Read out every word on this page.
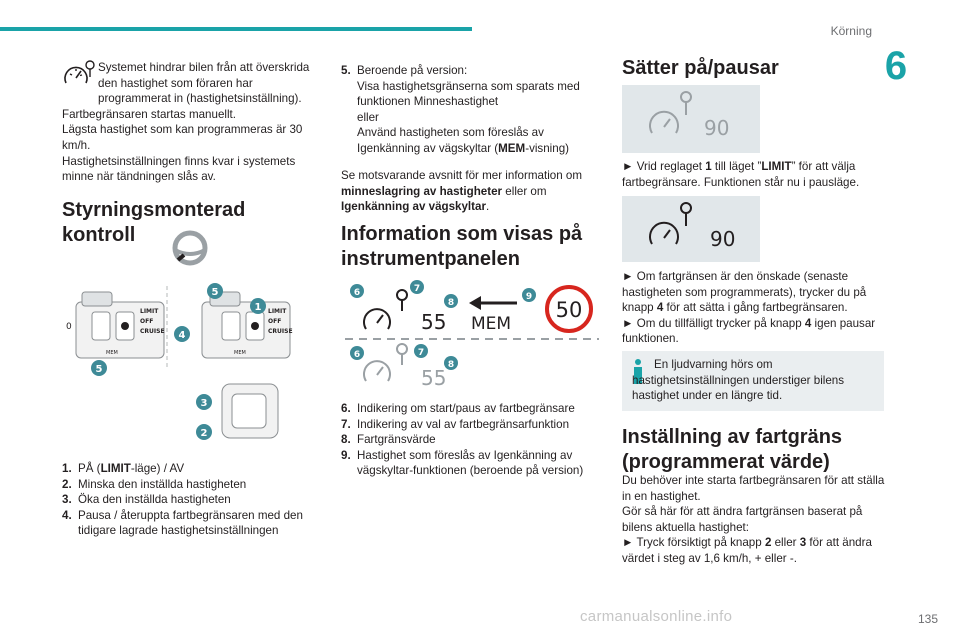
Körning
6

Systemet hindrar bilen från att överskrida den hastighet som föraren har programmerat in (hastighetsinställning).

Fartbegränsaren startas manuellt.

Lägsta hastighet som kan programmeras är 30 km/h.

Hastighetsinställningen finns kvar i systemets minne när tändningen slås av.

Styrningsmonterad kontroll
0
LIMIT
OFF
CRUISE
MEM
LIMIT
OFF
CRUISE
MEM
1
2
3
4
5
5
1. PÅ (LIMIT-läge) / AV
2. Minska den inställda hastigheten
3. Öka den inställda hastigheten
4. Pausa / återuppta fartbegränsaren med den tidigare lagrade hastighetsinställningen
5. Beroende på version:

Visa hastighetsgränserna som sparats med funktionen Minneshastighet

eller

Använd hastigheten som föreslås av Igenkänning av vägskyltar (MEM-visning)

Se motsvarande avsnitt för mer information om minneslagring av hastigheter eller om Igenkänning av vägskyltar.

Information som visas på instrumentpanelen
55 MEM
50
55
6	7
8
9
6	7
8
6. Indikering om start/paus av fartbegränsare
7. Indikering av val av fartbegränsarfunktion
8. Fartgränsvärde
9. Hastighet som föreslås av Igenkänning av vägskyltar-funktionen (beroende på version)
Sätter på/pausar
90

► Vrid reglaget 1 till läget ”LIMIT” för att välja fartbegränsare. Funktionen står nu i pausläge.

90

► Om fartgränsen är den önskade (senaste hastigheten som programmerats), trycker du på knapp 4 för att sätta i gång fartbegränsaren.

► Om du tillfälligt trycker på knapp 4 igen pausar funktionen.

En ljudvarning hörs om hastighetsinställningen understiger bilens hastighet under en längre tid.

Inställning av fartgräns (programmerat värde)

Du behöver inte starta fartbegränsaren för att ställa in en hastighet.

Gör så här för att ändra fartgränsen baserat på bilens aktuella hastighet:

► Tryck försiktigt på knapp 2 eller 3 för att ändra värdet i steg av 1,6 km/h, + eller -.

carmanualsonline.info	135
